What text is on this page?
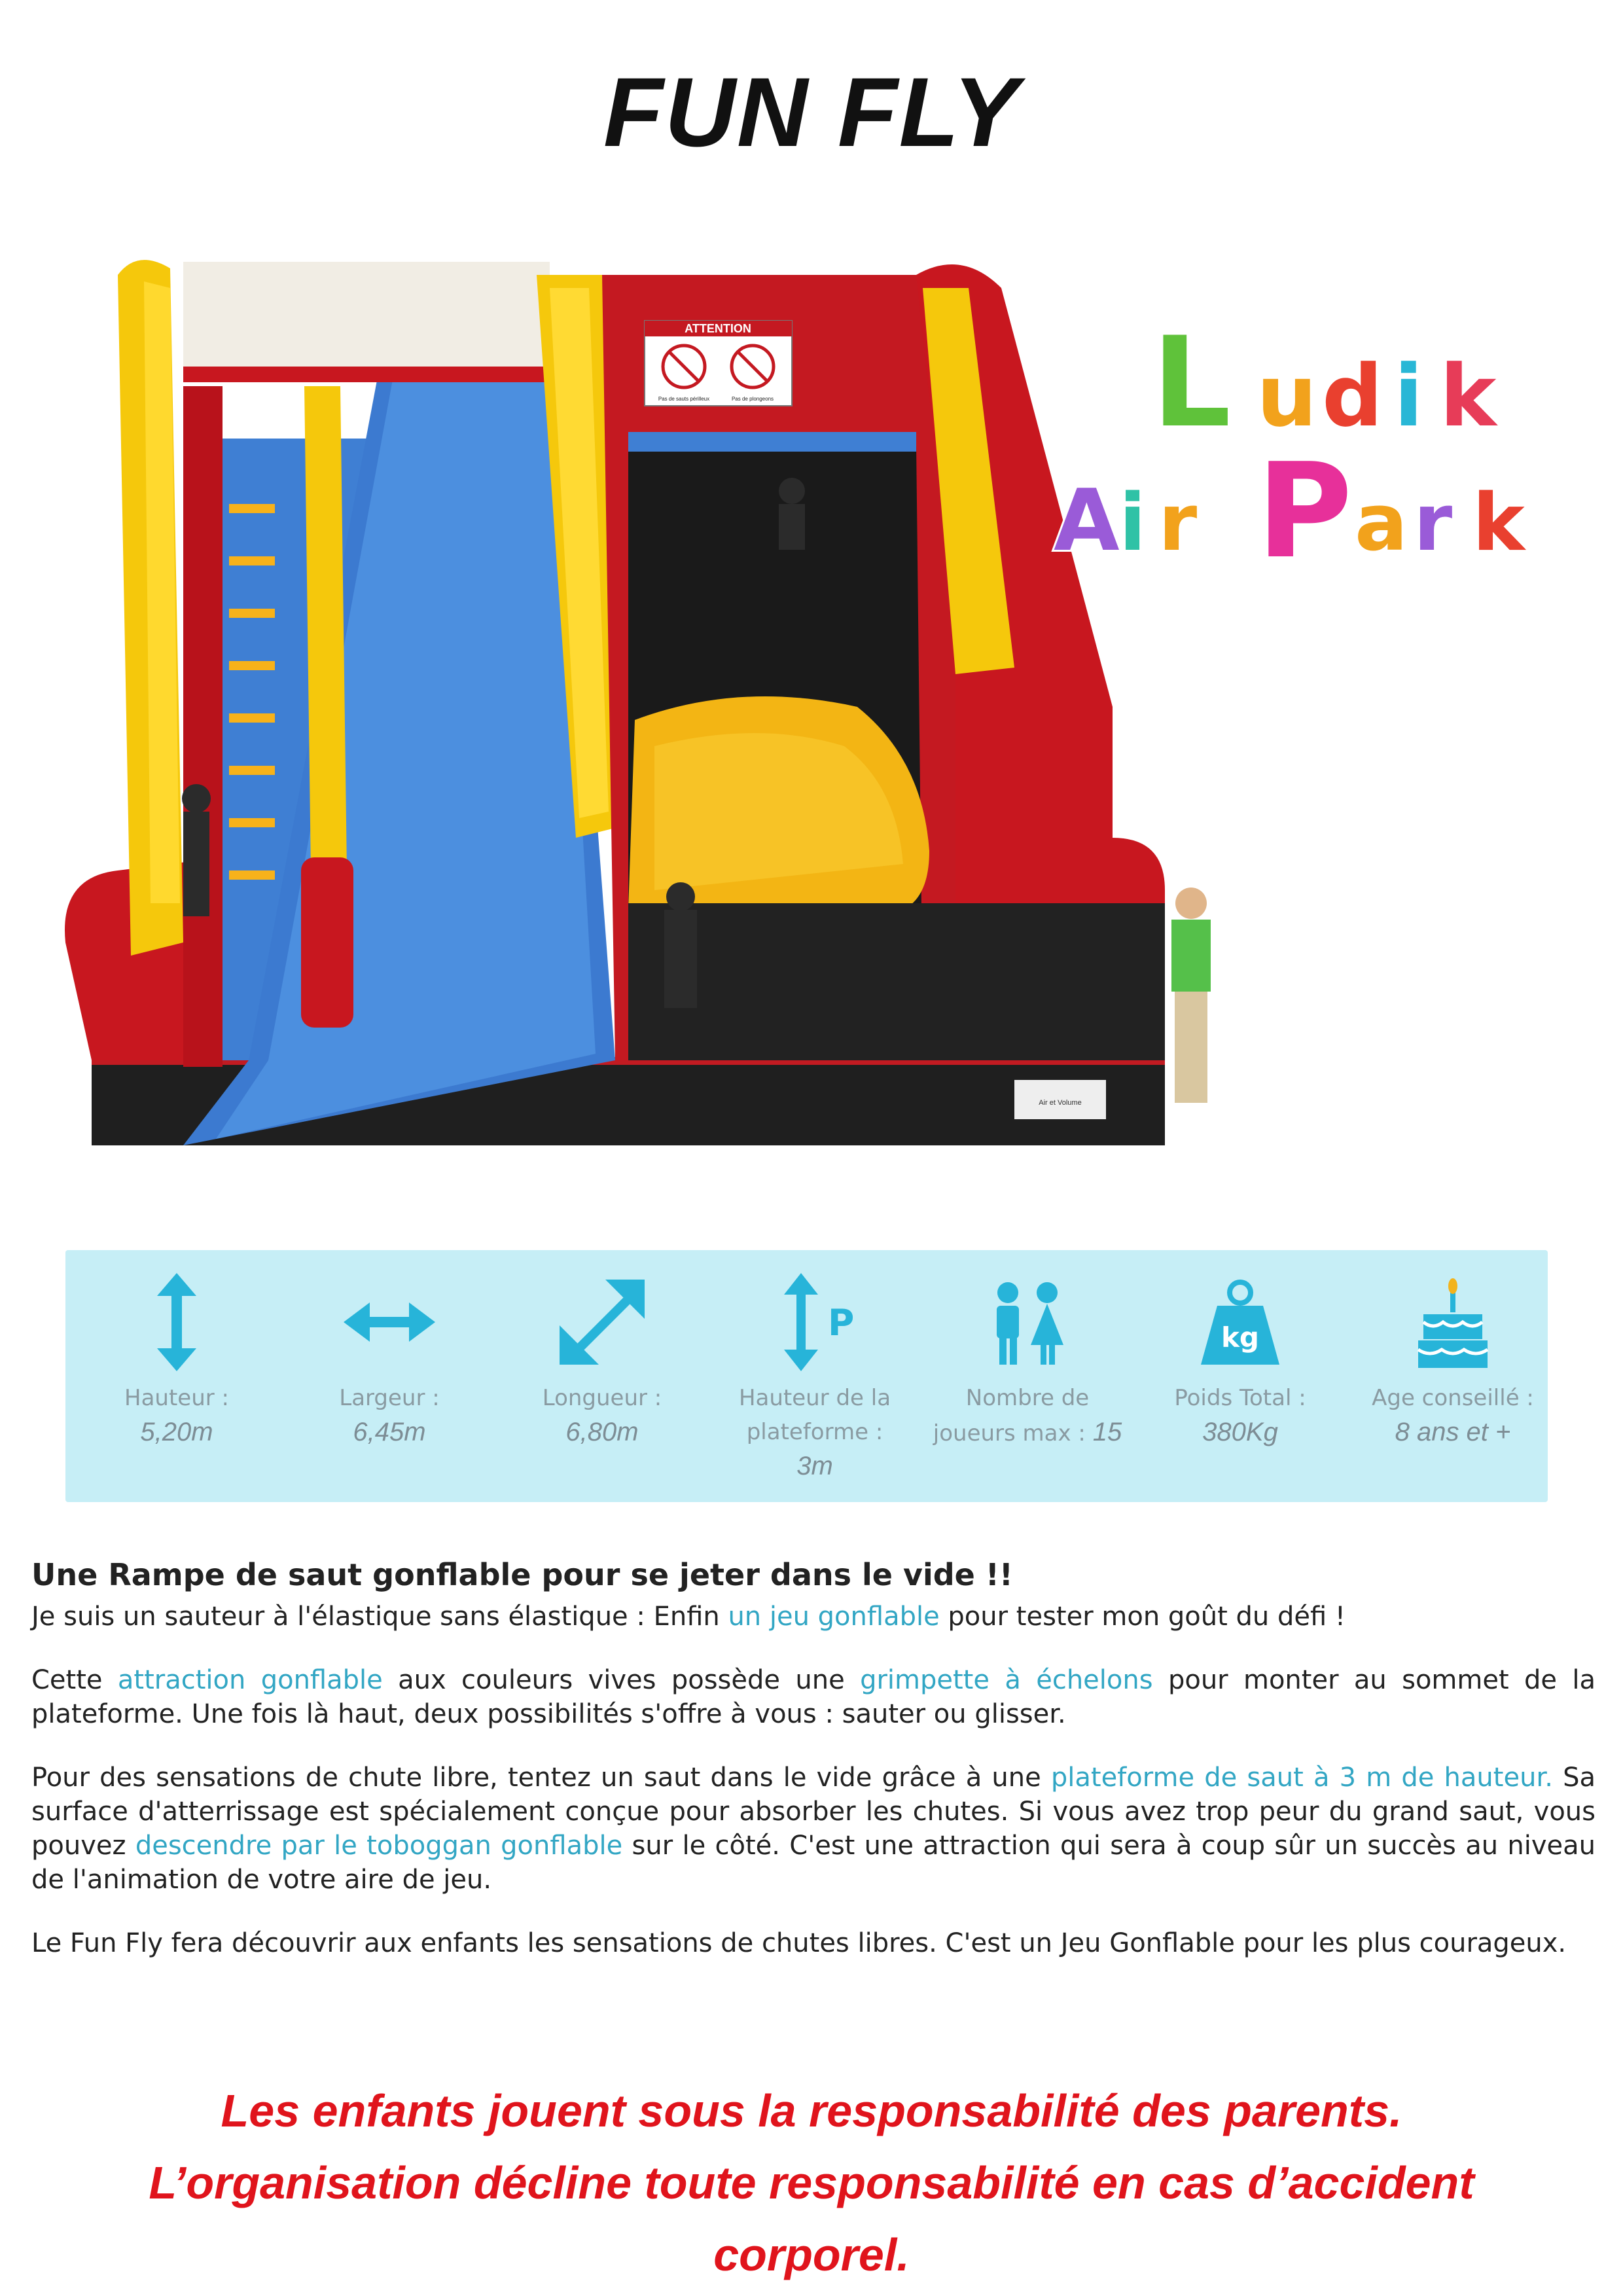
FUN FLY
ATTENTION
Pas de sauts périlleux	Pas de plongeons
Air et Volume
L u d i k
A i r P a r k
Hauteur :
5,20m
Largeur :
6,45m
Longueur :
6,80m
P
Hauteur de la plateforme :
3m
Nombre de joueurs max : 15
kg
Poids Total :
380Kg
Age conseillé :
8 ans et +
Une Rampe de saut gonflable pour se jeter dans le vide !!

Je suis un sauteur à l'élastique sans élastique : Enfin un jeu gonflable pour tester mon goût du défi !

Cette attraction gonflable aux couleurs vives possède une grimpette à échelons pour monter au sommet de la plateforme. Une fois là haut, deux possibilités s'offre à vous : sauter ou glisser.

Pour des sensations de chute libre, tentez un saut dans le vide grâce à une plateforme de saut à 3 m de hauteur. Sa surface d'atterrissage est spécialement conçue pour absorber les chutes. Si vous avez trop peur du grand saut, vous pouvez descendre par le toboggan gonflable sur le côté. C'est une attraction qui sera à coup sûr un succès au niveau de l'animation de votre aire de jeu.

Le Fun Fly fera découvrir aux enfants les sensations de chutes libres. C'est un Jeu Gonflable pour les plus courageux.

Les enfants jouent sous la responsabilité des parents.
L’organisation décline toute responsabilité en cas d’accident corporel.
